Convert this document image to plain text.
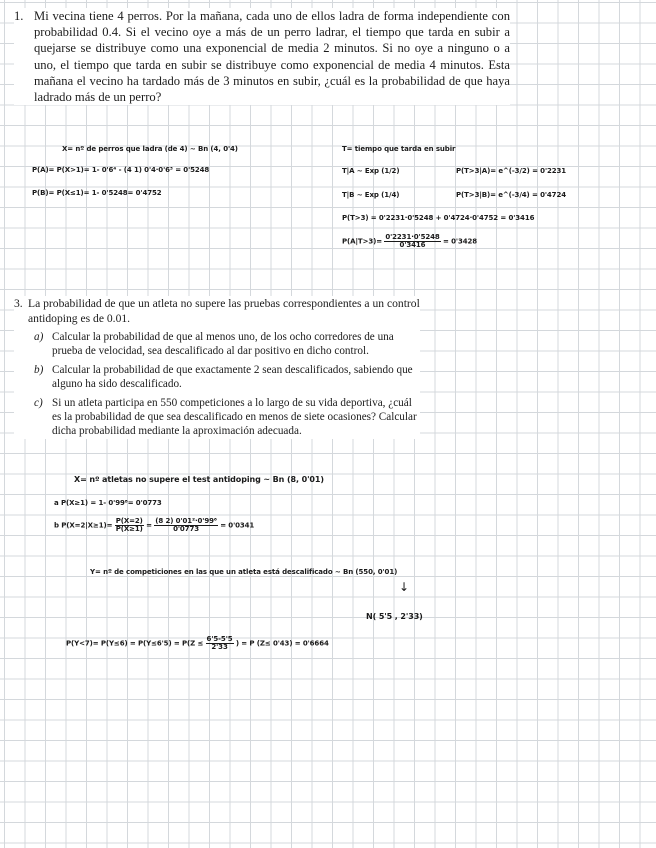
1. Mi vecina tiene 4 perros. Por la mañana, cada uno de ellos ladra de forma independiente con probabilidad 0.4. Si el vecino oye a más de un perro ladrar, el tiempo que tarda en subir a quejarse se distribuye como una exponencial de media 2 minutos. Si no oye a ninguno o a uno, el tiempo que tarda en subir se distribuye como exponencial de media 4 minutos. Esta mañana el vecino ha tardado más de 3 minutos en subir, ¿cuál es la probabilidad de que haya ladrado más de un perro?
X= nº de perros que ladra (de 4) ~ Bn (4, 0'4)
P(A)= P(X>1)= 1- 0'6⁴ - (4 1) 0'4·0'6³ = 0'5248
P(B)= P(X≤1)= 1- 0'5248= 0'4752
T= tiempo que tarda en subir
T|A ~ Exp (1/2)	P(T>3|A)= e^(-3/2) = 0'2231
T|B ~ Exp (1/4)	P(T>3|B)= e^(-3/4) = 0'4724
P(T>3) = 0'2231·0'5248 + 0'4724·0'4752 = 0'3416
$P(A|T>3)= \frac{0'2231\cdot 0'5248}{0'3416} = 0'3428$
3. La probabilidad de que un atleta no supere las pruebas correspondientes a un control antidoping es de 0.01.
a) Calcular la probabilidad de que al menos uno, de los ocho corredores de una prueba de velocidad, sea descalificado al dar positivo en dicho control.
b) Calcular la probabilidad de que exactamente 2 sean descalificados, sabiendo que alguno ha sido descalificado.
c) Si un atleta participa en 550 competiciones a lo largo de su vida deportiva, ¿cuál es la probabilidad de que sea descalificado en menos de siete ocasiones? Calcular dicha probabilidad mediante la aproximación adecuada.
X= nº atletas no supere el test antidoping ~ Bn (8, 0'01)
a P(X≥1) = 1- 0'99⁸= 0'0773
b $P(X=2|X\ge 1)= \frac{P(X=2)}{P(X\ge 1)} = \frac{\text{(8 2) 0'01²·0'99⁶}}{0'0773} = 0'0341$
Y= nº de competiciones en las que un atleta está descalificado ~ Bn (550, 0'01)
↓
N( 5'5 , 2'33)
$P(Y<7)= P(Y\le 6) = P(Y\le 6'5) = P(Z \le \frac{6'5-5'5}{2'33}$ ) = P (Z≤ 0'43) = 0'6664
